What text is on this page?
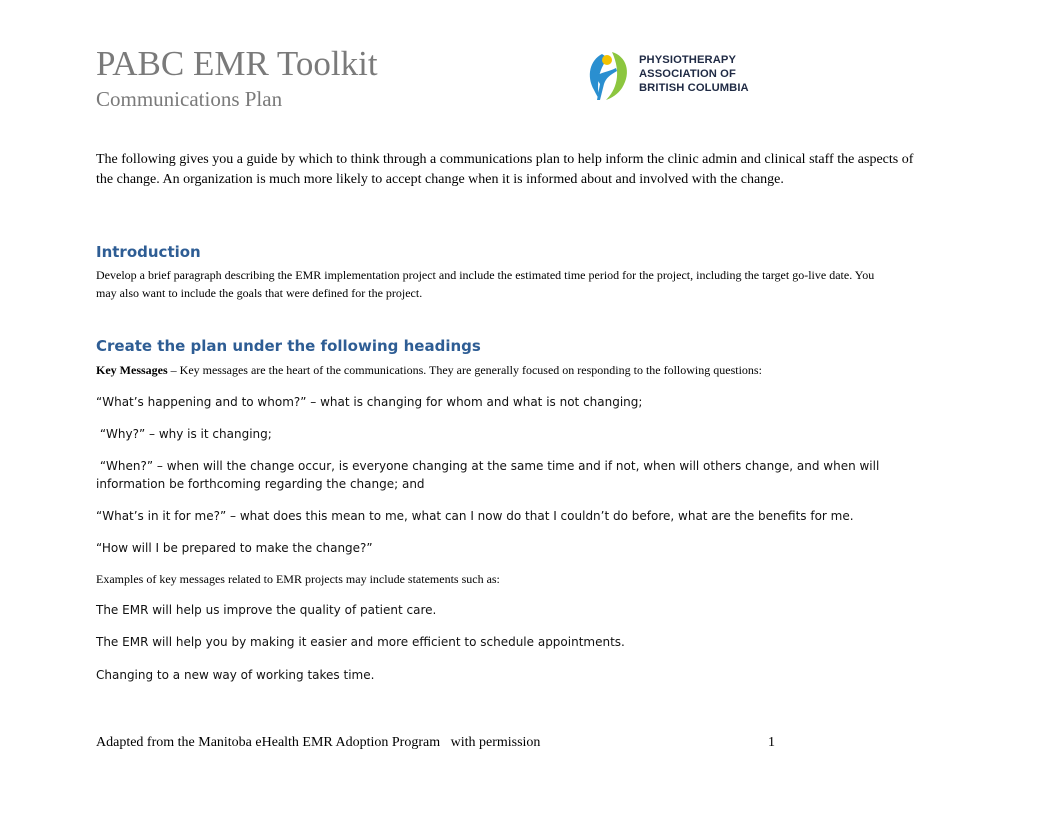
PABC EMR Toolkit
Communications Plan
PHYSIOTHERAPY
ASSOCIATION OF
BRITISH COLUMBIA
The following gives you a guide by which to think through a communications plan to help inform the clinic admin and clinical staff the aspects of the change. An organization is much more likely to accept change when it is informed about and involved with the change.
Introduction
Develop a brief paragraph describing the EMR implementation project and include the estimated time period for the project, including the target go-live date. You may also want to include the goals that were defined for the project.
Create the plan under the following headings
Key Messages – Key messages are the heart of the communications. They are generally focused on responding to the following questions:
“What’s happening and to whom?” – what is changing for whom and what is not changing;
“Why?” – why is it changing;
“When?” – when will the change occur, is everyone changing at the same time and if not, when will others change, and when will information be forthcoming regarding the change; and
“What’s in it for me?” – what does this mean to me, what can I now do that I couldn’t do before, what are the benefits for me.
“How will I be prepared to make the change?”
Examples of key messages related to EMR projects may include statements such as:
The EMR will help us improve the quality of patient care.
The EMR will help you by making it easier and more efficient to schedule appointments.
Changing to a new way of working takes time.
Adapted from the Manitoba eHealth EMR Adoption Program   with permission	1
